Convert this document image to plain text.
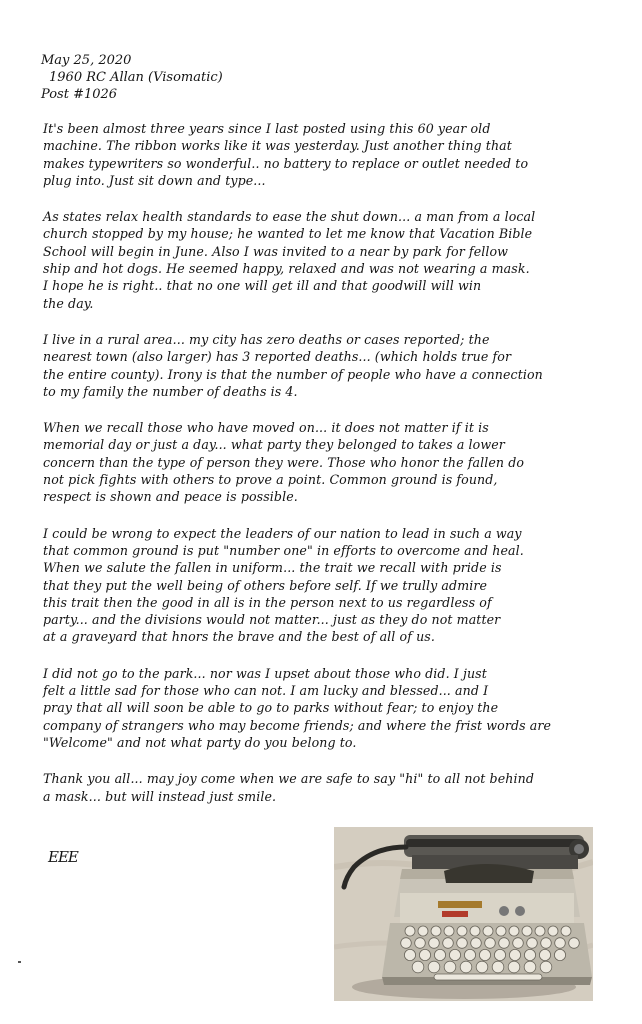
May 25, 2020
1960 RC Allan (Visomatic)
Post #1026

It's been almost three years since I last posted using this 60 year old
machine. The ribbon works like it was yesterday. Just another thing that
makes typewriters so wonderful.. no battery to replace or outlet needed to
plug into. Just sit down and type...

As states relax health standards to ease the shut down... a man from a local
church stopped by my house; he wanted to let me know that Vacation Bible
School will begin in June. Also I was invited to a near by park for fellow
ship and hot dogs. He seemed happy, relaxed and was not wearing a mask.
I hope he is right.. that no one will get ill and that goodwill will win
the day.

I live in a rural area... my city has zero deaths or cases reported; the
nearest town (also larger) has 3 reported deaths... (which holds true for
the entire county). Irony is that the number of people who have a connection
to my family the number of deaths is 4.

When we recall those who have moved on... it does not matter if it is
memorial day or just a day... what party they belonged to takes a lower
concern than the type of person they were. Those who honor the fallen do
not pick fights with others to prove a point. Common ground is found,
respect is shown and peace is possible.

I could be wrong to expect the leaders of our nation to lead in such a way
that common ground is put "number one" in efforts to overcome and heal.
When we salute the fallen in uniform... the trait we recall with pride is
that they put the well being of others before self. If we trully admire
this trait then the good in all is in the person next to us regardless of
party... and the divisions would not matter... just as they do not matter
at a graveyard that hnors the brave and the best of all of us.

I did not go to the park... nor was I upset about those who did. I just
felt a little sad for those who can not. I am lucky and blessed... and I
pray that all will soon be able to go to parks without fear; to enjoy the
company of strangers who may become friends; and where the frist words are
"Welcome" and not what party do you belong to.

Thank you all... may joy come when we are safe to say "hi" to all not behind
a mask... but will instead just smile.

EEE
